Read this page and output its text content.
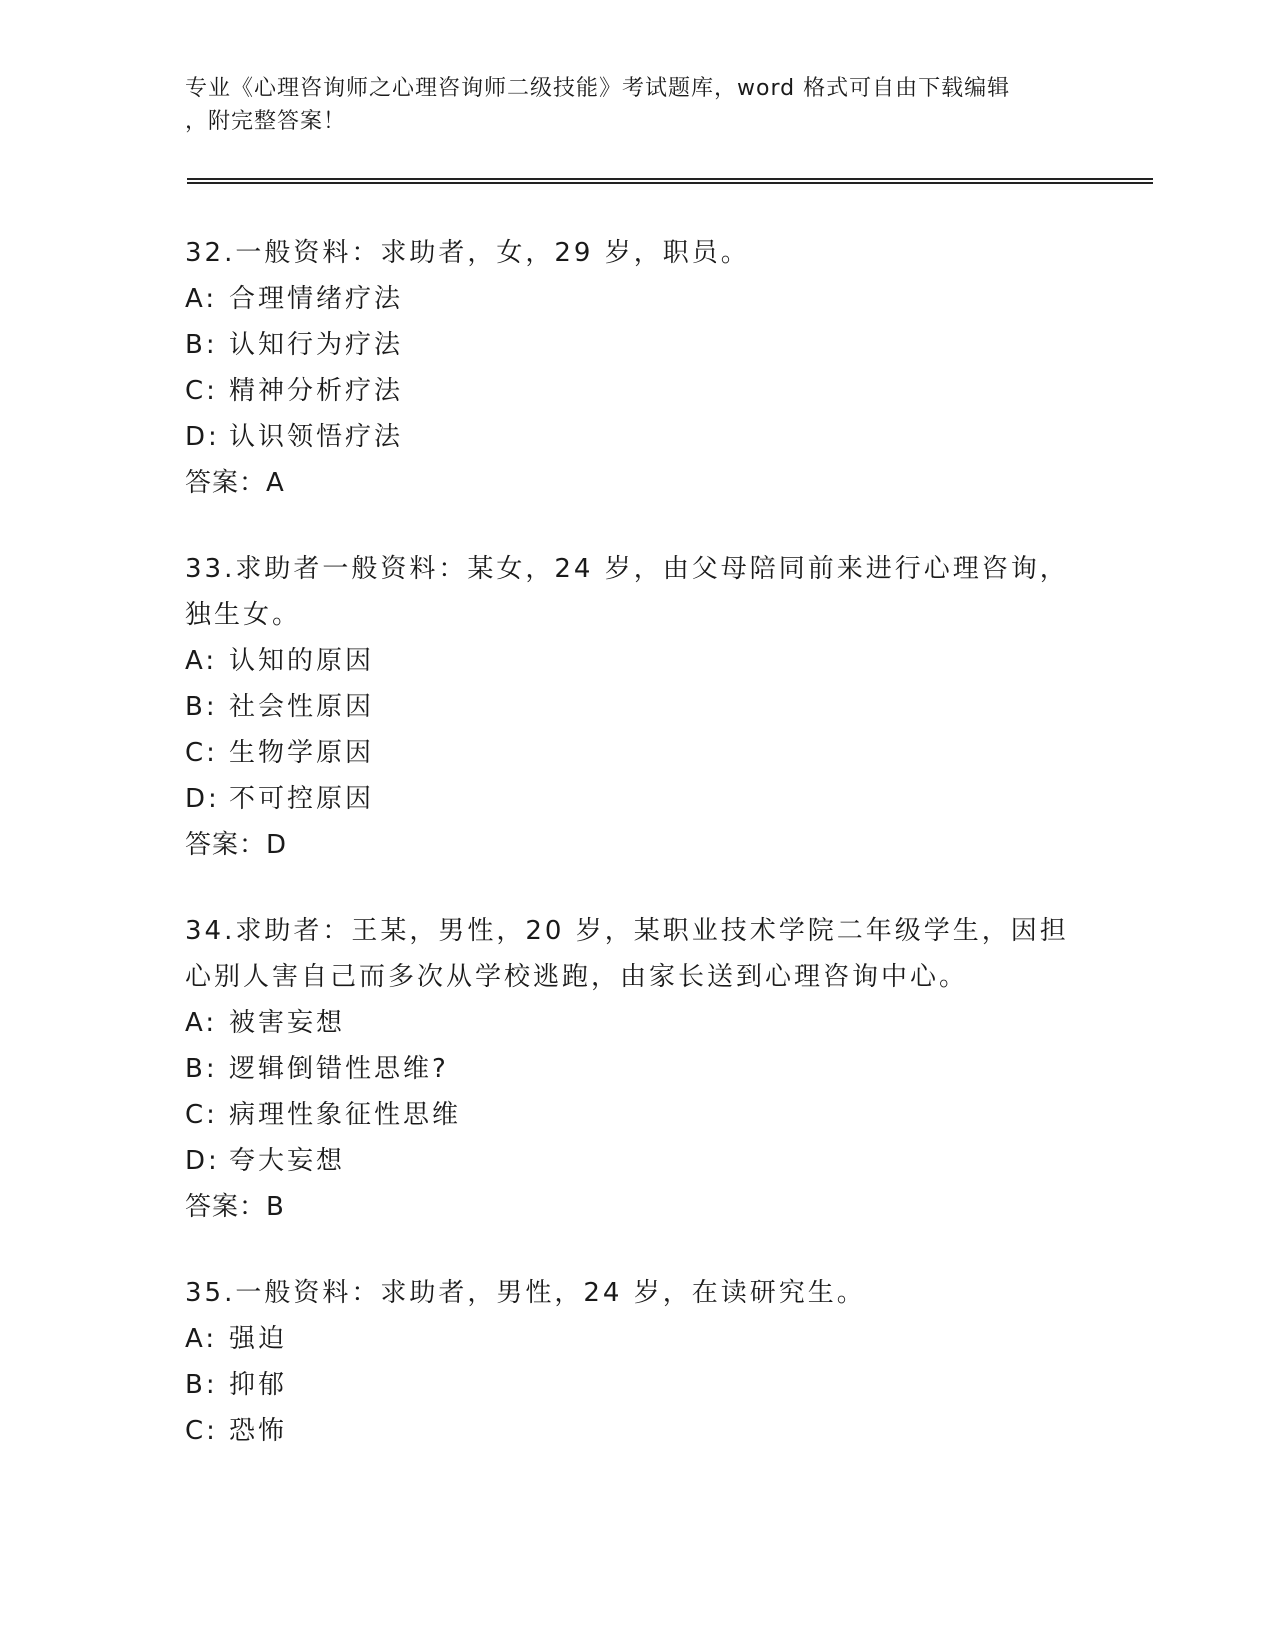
专业《心理咨询师之心理咨询师二级技能》考试题库，word 格式可自由下载编辑
，附完整答案！
32.一般资料：求助者，女，29 岁，职员。
A: 合理情绪疗法
B: 认知行为疗法
C: 精神分析疗法
D: 认识领悟疗法
答案：A
33.求助者一般资料：某女，24 岁，由父母陪同前来进行心理咨询，独生女。
A: 认知的原因
B: 社会性原因
C: 生物学原因
D: 不可控原因
答案：D
34.求助者：王某，男性，20 岁，某职业技术学院二年级学生，因担心别人害自己而多次从学校逃跑，由家长送到心理咨询中心。
A: 被害妄想
B: 逻辑倒错性思维?
C: 病理性象征性思维
D: 夸大妄想
答案：B
35.一般资料：求助者，男性，24 岁，在读研究生。
A: 强迫
B: 抑郁
C: 恐怖
